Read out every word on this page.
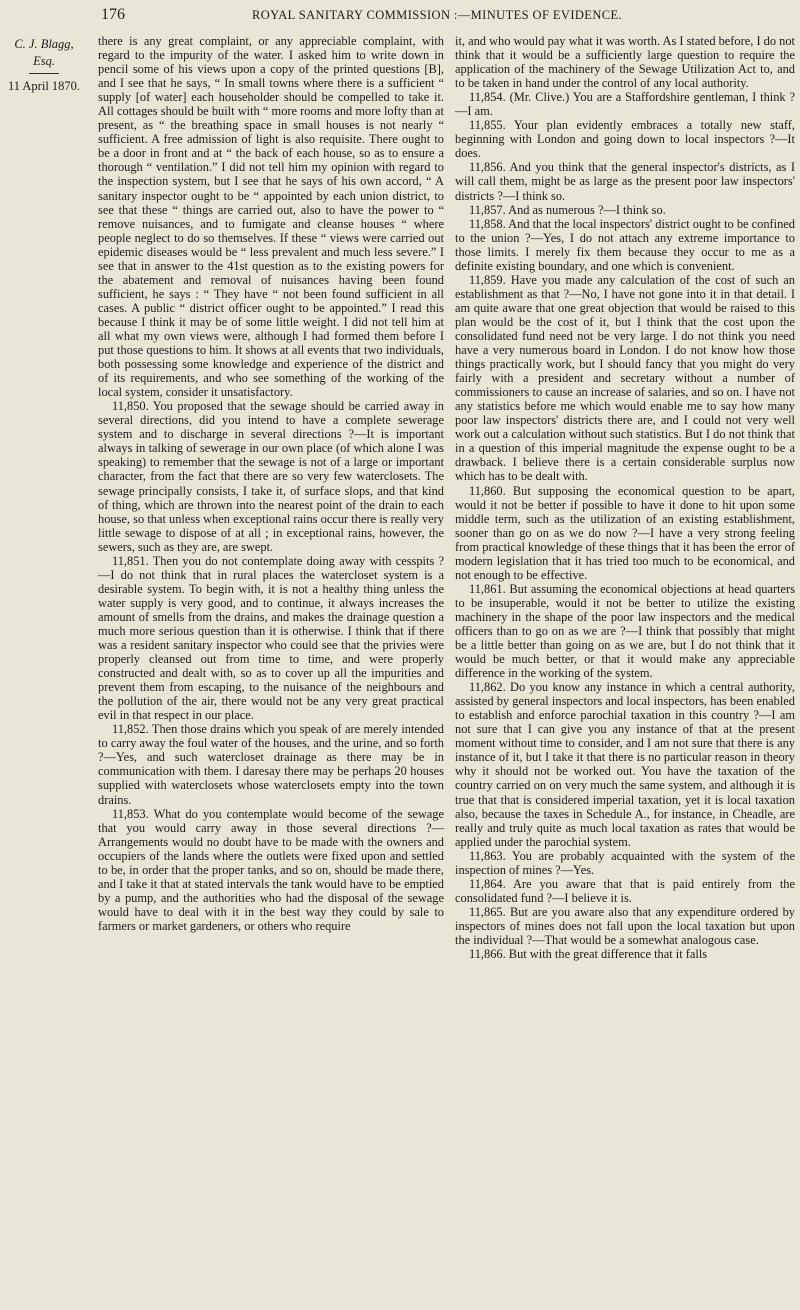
176	ROYAL SANITARY COMMISSION :—MINUTES OF EVIDENCE.
C. J. Blagg, Esq.
11 April 1870.

there is any great complaint, or any appreciable complaint, with regard to the impurity of the water. I asked him to write down in pencil some of his views upon a copy of the printed questions [B], and I see that he says, “ In small towns where there is a sufficient “ supply [of water] each householder should be compelled to take it. All cottages should be built with “ more rooms and more lofty than at present, as “ the breathing space in small houses is not nearly “ sufficient. A free admission of light is also requisite. There ought to be a door in front and at “ the back of each house, so as to ensure a thorough “ ventilation.” I did not tell him my opinion with regard to the inspection system, but I see that he says of his own accord, “ A sanitary inspector ought to be “ appointed by each union district, to see that these “ things are carried out, also to have the power to “ remove nuisances, and to fumigate and cleanse houses “ where people neglect to do so themselves. If these “ views were carried out epidemic diseases would be “ less prevalent and much less severe.” I see that in answer to the 41st question as to the existing powers for the abatement and removal of nuisances having been found sufficient, he says : “ They have “ not been found sufficient in all cases. A public “ district officer ought to be appointed.” I read this because I think it may be of some little weight. I did not tell him at all what my own views were, although I had formed them before I put those questions to him. It shows at all events that two individuals, both possessing some knowledge and experience of the district and of its requirements, and who see something of the working of the local system, consider it unsatisfactory.

11,850. You proposed that the sewage should be carried away in several directions, did you intend to have a complete sewerage system and to discharge in several directions ?—It is important always in talking of sewerage in our own place (of which alone I was speaking) to remember that the sewage is not of a large or important character, from the fact that there are so very few waterclosets. The sewage principally consists, I take it, of surface slops, and that kind of thing, which are thrown into the nearest point of the drain to each house, so that unless when exceptional rains occur there is really very little sewage to dispose of at all ; in exceptional rains, however, the sewers, such as they are, are swept.

11,851. Then you do not contemplate doing away with cesspits ?—I do not think that in rural places the watercloset system is a desirable system. To begin with, it is not a healthy thing unless the water supply is very good, and to continue, it always increases the amount of smells from the drains, and makes the drainage question a much more serious question than it is otherwise. I think that if there was a resident sanitary inspector who could see that the privies were properly cleansed out from time to time, and were properly constructed and dealt with, so as to cover up all the impurities and prevent them from escaping, to the nuisance of the neighbours and the pollution of the air, there would not be any very great practical evil in that respect in our place.

11,852. Then those drains which you speak of are merely intended to carry away the foul water of the houses, and the urine, and so forth ?—Yes, and such watercloset drainage as there may be in communication with them. I daresay there may be perhaps 20 houses supplied with waterclosets whose waterclosets empty into the town drains.

11,853. What do you contemplate would become of the sewage that you would carry away in those several directions ?—Arrangements would no doubt have to be made with the owners and occupiers of the lands where the outlets were fixed upon and settled to be, in order that the proper tanks, and so on, should be made there, and I take it that at stated intervals the tank would have to be emptied by a pump, and the authorities who had the disposal of the sewage would have to deal with it in the best way they could by sale to farmers or market gardeners, or others who require

it, and who would pay what it was worth. As I stated before, I do not think that it would be a sufficiently large question to require the application of the machinery of the Sewage Utilization Act to, and to be taken in hand under the control of any local authority.

11,854. (Mr. Clive.) You are a Staffordshire gentleman, I think ?—I am.

11,855. Your plan evidently embraces a totally new staff, beginning with London and going down to local inspectors ?—It does.

11,856. And you think that the general inspector's districts, as I will call them, might be as large as the present poor law inspectors' districts ?—I think so.

11,857. And as numerous ?—I think so.

11,858. And that the local inspectors' district ought to be confined to the union ?—Yes, I do not attach any extreme importance to those limits. I merely fix them because they occur to me as a definite existing boundary, and one which is convenient.

11,859. Have you made any calculation of the cost of such an establishment as that ?—No, I have not gone into it in that detail. I am quite aware that one great objection that would be raised to this plan would be the cost of it, but I think that the cost upon the consolidated fund need not be very large. I do not think you need have a very numerous board in London. I do not know how those things practically work, but I should fancy that you might do very fairly with a president and secretary without a number of commissioners to cause an increase of salaries, and so on. I have not any statistics before me which would enable me to say how many poor law inspectors' districts there are, and I could not very well work out a calculation without such statistics. But I do not think that in a question of this imperial magnitude the expense ought to be a drawback. I believe there is a certain considerable surplus now which has to be dealt with.

11,860. But supposing the economical question to be apart, would it not be better if possible to have it done to hit upon some middle term, such as the utilization of an existing establishment, sooner than go on as we do now ?—I have a very strong feeling from practical knowledge of these things that it has been the error of modern legislation that it has tried too much to be economical, and not enough to be effective.

11,861. But assuming the economical objections at head quarters to be insuperable, would it not be better to utilize the existing machinery in the shape of the poor law inspectors and the medical officers than to go on as we are ?—I think that possibly that might be a little better than going on as we are, but I do not think that it would be much better, or that it would make any appreciable difference in the working of the system.

11,862. Do you know any instance in which a central authority, assisted by general inspectors and local inspectors, has been enabled to establish and enforce parochial taxation in this country ?—I am not sure that I can give you any instance of that at the present moment without time to consider, and I am not sure that there is any instance of it, but I take it that there is no particular reason in theory why it should not be worked out. You have the taxation of the country carried on on very much the same system, and although it is true that that is considered imperial taxation, yet it is local taxation also, because the taxes in Schedule A., for instance, in Cheadle, are really and truly quite as much local taxation as rates that would be applied under the parochial system.

11,863. You are probably acquainted with the system of the inspection of mines ?—Yes.

11,864. Are you aware that that is paid entirely from the consolidated fund ?—I believe it is.

11,865. But are you aware also that any expenditure ordered by inspectors of mines does not fall upon the local taxation but upon the individual ?—That would be a somewhat analogous case.

11,866. But with the great difference that it falls
